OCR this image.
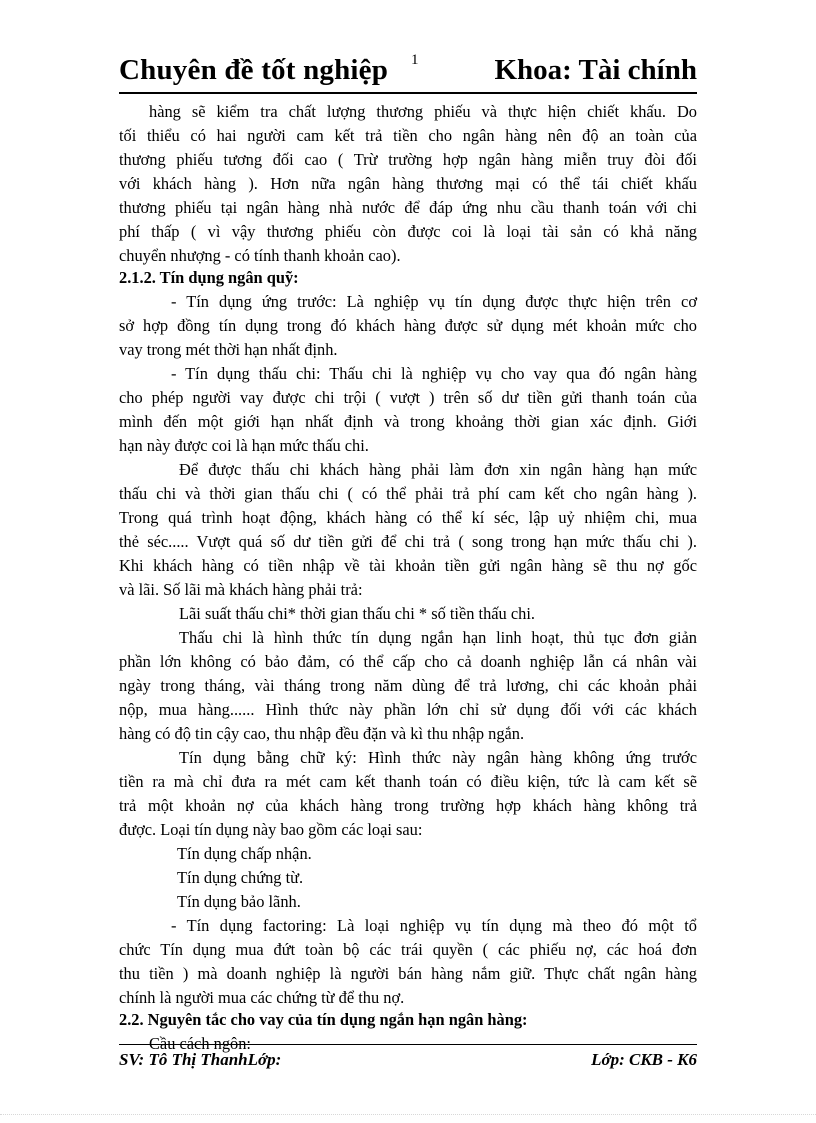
Chuyên đề tốt nghiệp 1	Khoa: Tài chính
hàng sẽ kiểm tra chất lượng thương phiếu và thực hiện chiết khấu. Do
tối thiểu có hai người cam kết trả tiền cho ngân hàng nên độ an toàn của
thương phiếu tương đối cao ( Trừ trường hợp ngân hàng miễn truy đòi đối
với khách hàng ). Hơn nữa ngân hàng thương mại có thể tái chiết khấu
thương phiếu tại ngân hàng nhà nước để đáp ứng nhu cầu thanh toán với chi
phí thấp ( vì vậy thương phiếu còn được coi là loại tài sản có khả năng
chuyển nhượng - có tính thanh khoản cao).
2.1.2. Tín dụng ngân quỹ:
- Tín dụng ứng trước: Là nghiệp vụ tín dụng được thực hiện trên cơ
sở hợp đồng tín dụng trong đó khách hàng được sử dụng mét khoản mức cho
vay trong mét thời hạn nhất định.
- Tín dụng thấu chi: Thấu chi là nghiệp vụ cho vay qua đó ngân hàng
cho phép người vay được chi trội ( vượt ) trên số dư tiền gửi thanh toán của
mình đến một giới hạn nhất định và trong khoảng thời gian xác định. Giới
hạn này được coi là hạn mức thấu chi.
Để được thấu chi khách hàng phải làm đơn xin ngân hàng hạn mức
thấu chi và thời gian thấu chi ( có thể phải trả phí cam kết cho ngân hàng ).
Trong quá trình hoạt động, khách hàng có thể kí séc, lập uỷ nhiệm chi, mua
thẻ séc..... Vượt quá số dư tiền gửi để chi trả ( song trong hạn mức thấu chi ).
Khi khách hàng có tiền nhập về tài khoản tiền gửi ngân hàng sẽ thu nợ gốc
và lãi. Số lãi mà khách hàng phải trả:
Lãi suất thấu chi* thời gian thấu chi * số tiền thấu chi.
Thấu chi là hình thức tín dụng ngắn hạn linh hoạt, thủ tục đơn giản
phần lớn không có bảo đảm, có thể cấp cho cả doanh nghiệp lẫn cá nhân vài
ngày trong tháng, vài tháng trong năm dùng để trả lương, chi các khoản phải
nộp, mua hàng...... Hình thức này phần lớn chỉ sử dụng đối với các khách
hàng có độ tin cậy cao, thu nhập đều đặn và kì thu nhập ngắn.
Tín dụng bằng chữ ký: Hình thức này ngân hàng không ứng trước
tiền ra mà chỉ đưa ra mét cam kết thanh toán có điều kiện, tức là cam kết sẽ
trả một khoản nợ của khách hàng trong trường hợp khách hàng không trả
được. Loại tín dụng này bao gồm các loại sau:
Tín dụng chấp nhận.
Tín dụng chứng từ.
Tín dụng bảo lãnh.
- Tín dụng factoring: Là loại nghiệp vụ tín dụng mà theo đó một tổ
chức Tín dụng mua đứt toàn bộ các trái quyền ( các phiếu nợ, các hoá đơn
thu tiền ) mà doanh nghiệp là người bán hàng nắm giữ. Thực chất ngân hàng
chính là người mua các chứng từ để thu nợ.
2.2. Nguyên tắc cho vay của tín dụng ngắn hạn ngân hàng:
Cầu cách ngôn:
SV: Tô Thị ThanhLớp:	Lớp: CKB - K6
